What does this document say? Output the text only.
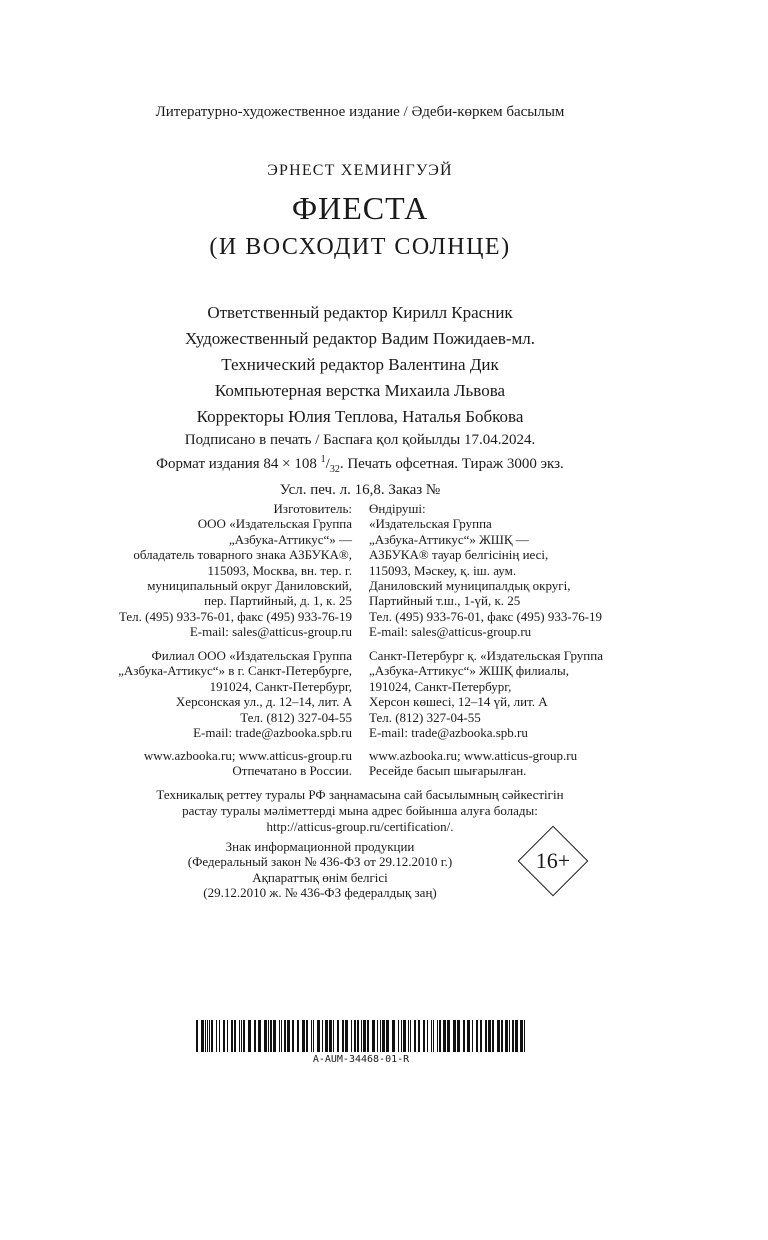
Литературно-художественное издание / Әдеби-көркем басылым
ЭРНЕСТ ХЕМИНГУЭЙ
ФИЕСТА
(И ВОСХОДИТ СОЛНЦЕ)
Ответственный редактор Кирилл Красник
Художественный редактор Вадим Пожидаев-мл.
Технический редактор Валентина Дик
Компьютерная верстка Михаила Львова
Корректоры Юлия Теплова, Наталья Бобкова
Подписано в печать / Баспаға қол қойылды 17.04.2024.
Формат издания 84 × 108 $^1/_{32}$. Печать офсетная. Тираж 3000 экз.
Усл. печ. л. 16,8. Заказ №
Изготовитель:
ООО «Издательская Группа
„Азбука-Аттикус“» —
обладатель товарного знака АЗБУКА®,
115093, Москва, вн. тер. г.
муниципальный округ Даниловский,
пер. Партийный, д. 1, к. 25
Тел. (495) 933-76-01, факс (495) 933-76-19
E-mail: sales@atticus-group.ru
Өндіруші:
«Издательская Группа
„Азбука-Аттикус“» ЖШҚ —
АЗБУКА® тауар белгісінің иесі,
115093, Мәскеу, қ. іш. аум.
Даниловский муниципалдық округі,
Партийный т.ш., 1-үй, к. 25
Тел. (495) 933-76-01, факс (495) 933-76-19
E-mail: sales@atticus-group.ru
Филиал ООО «Издательская Группа
„Азбука-Аттикус“» в г. Санкт-Петербурге,
191024, Санкт-Петербург,
Херсонская ул., д. 12–14, лит. А
Тел. (812) 327-04-55
E-mail: trade@azbooka.spb.ru
Санкт-Петербург қ. «Издательская Группа
„Азбука-Аттикус“» ЖШҚ филиалы,
191024, Санкт-Петербург,
Херсон көшесі, 12–14 үй, лит. А
Тел. (812) 327-04-55
E-mail: trade@azbooka.spb.ru
www.azbooka.ru; www.atticus-group.ru
Отпечатано в России.
www.azbooka.ru; www.atticus-group.ru
Ресейде басып шығарылған.
Техникалық реттеу туралы РФ заңнамасына сай басылымның сәйкестігін
растау туралы мәліметтерді мына адрес бойынша алуға болады:
http://atticus-group.ru/certification/.
Знак информационной продукции
(Федеральный закон № 436-ФЗ от 29.12.2010 г.)
Ақпараттық өнім белгісі
(29.12.2010 ж. № 436-ФЗ федералдық заң)
16+
A-AUM-34468-01-R
